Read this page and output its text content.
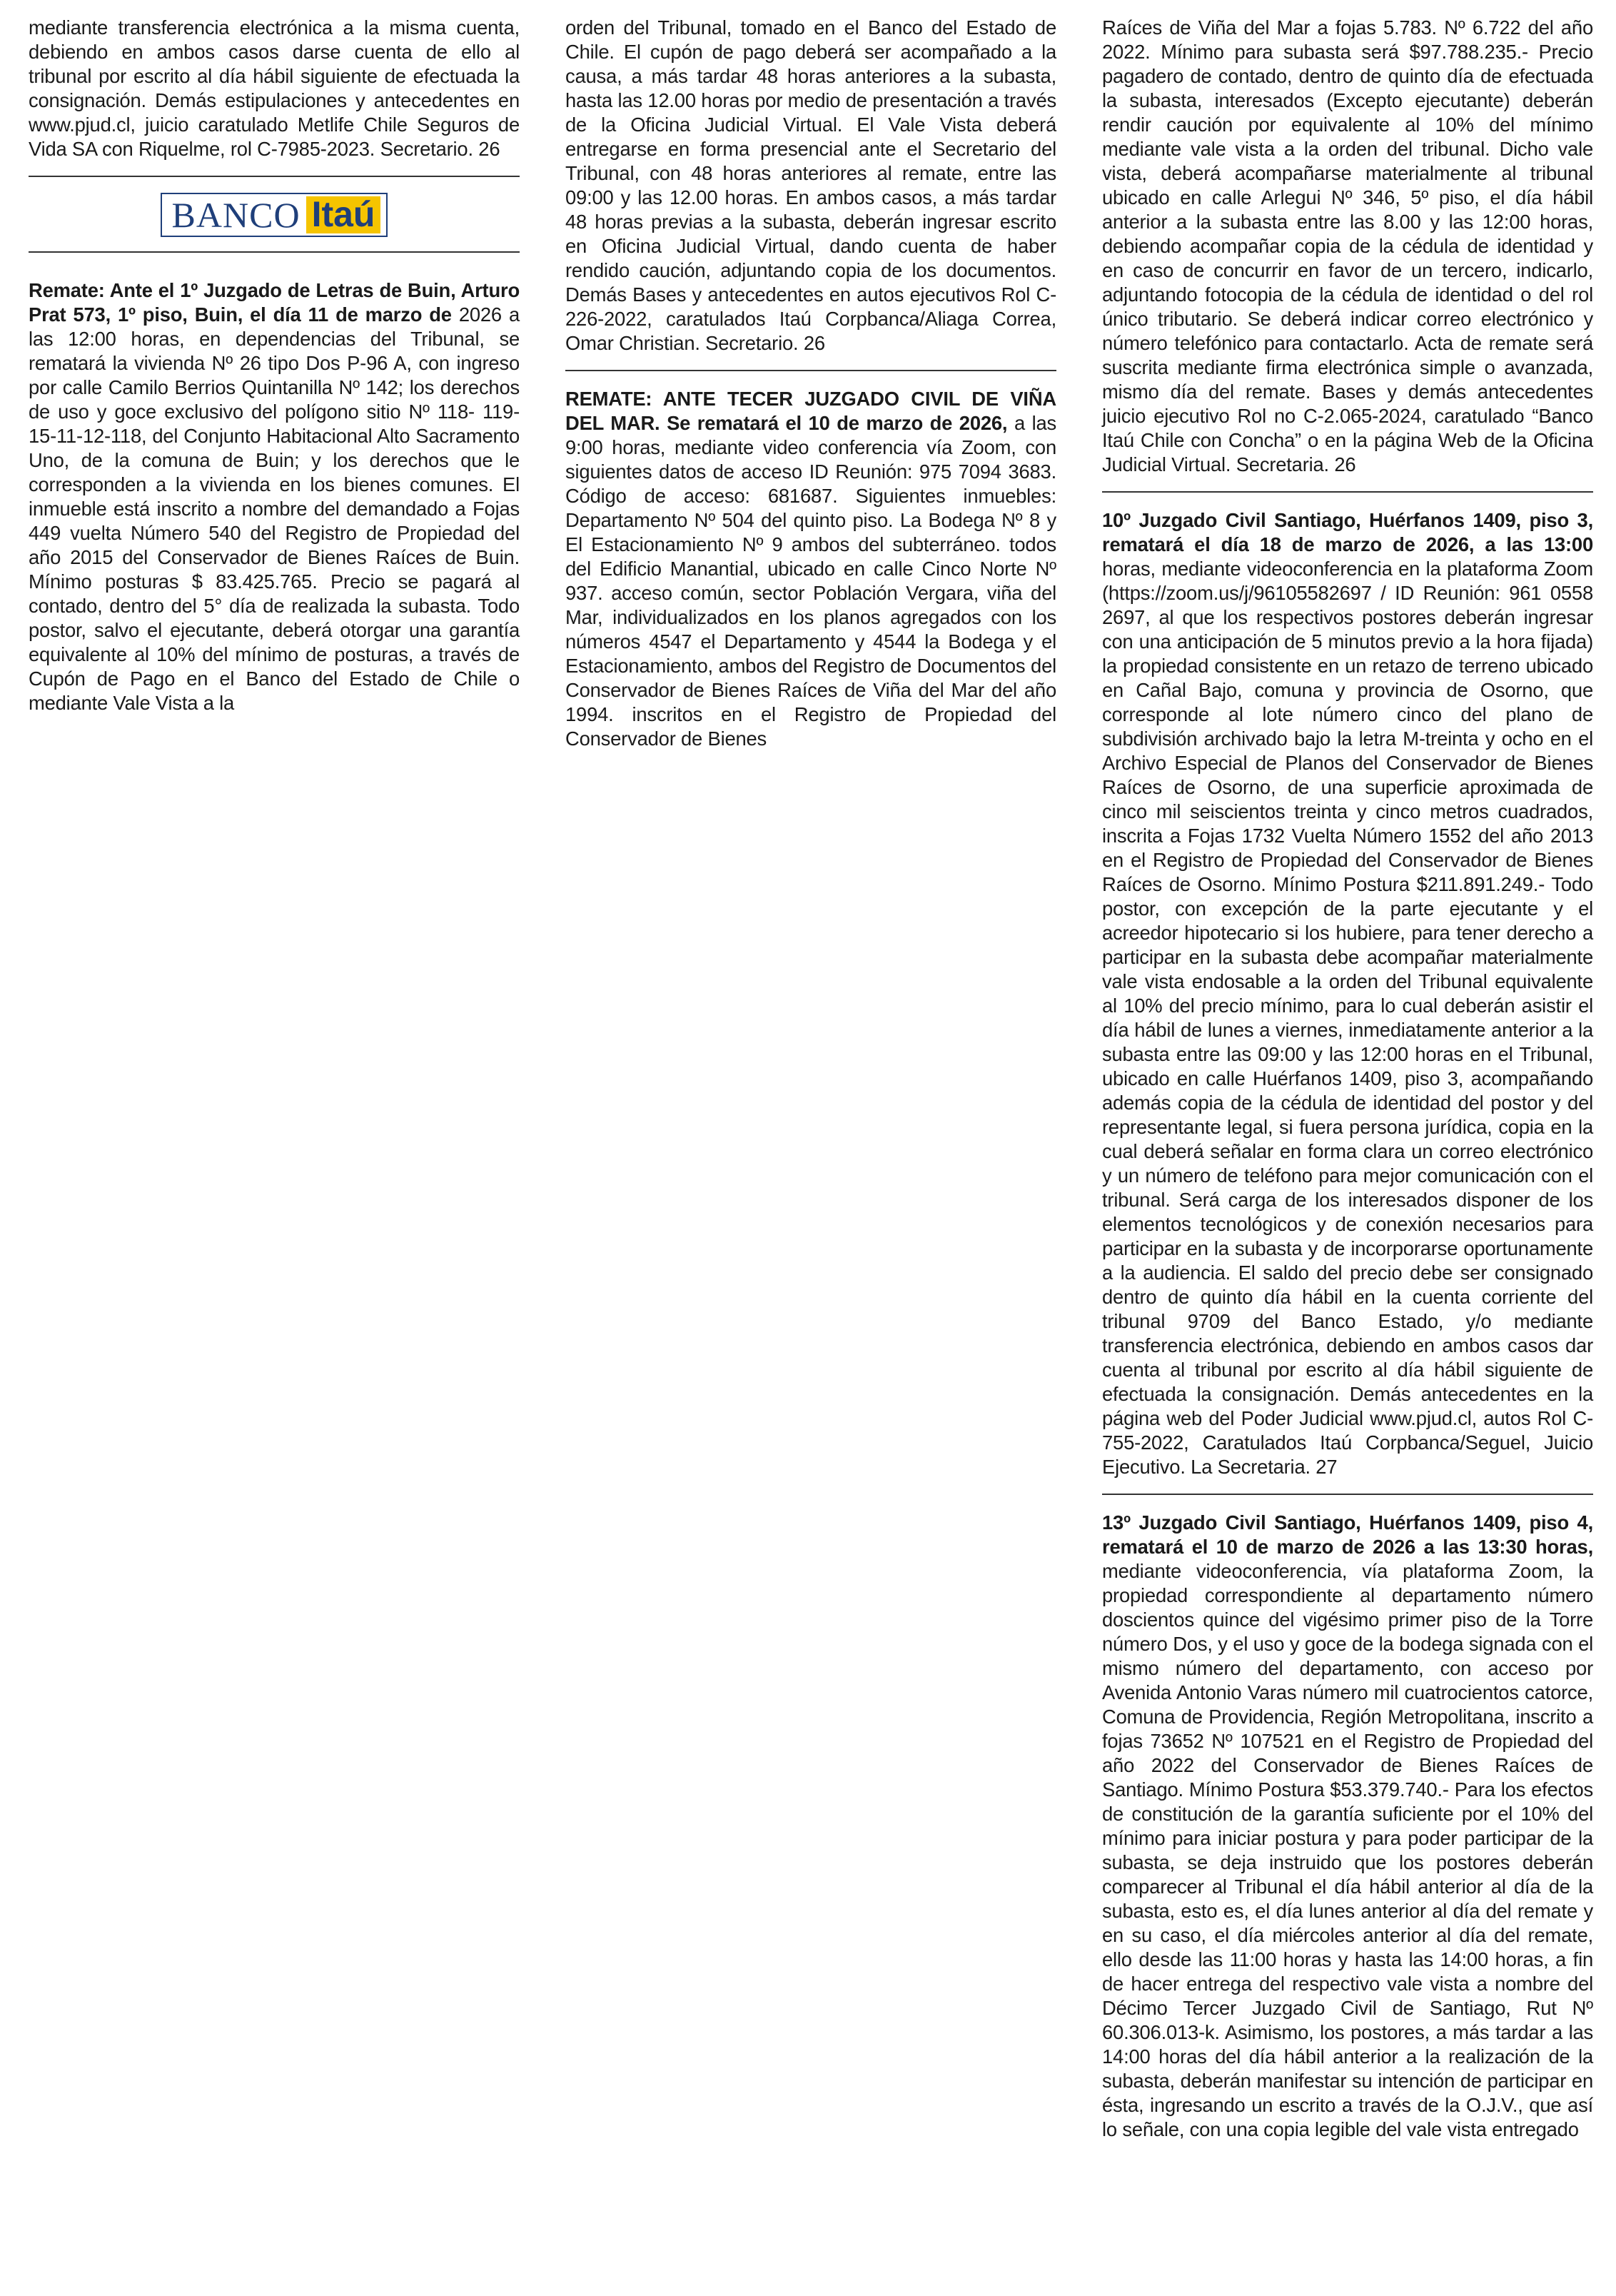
mediante transferencia electrónica a la misma cuenta, debiendo en ambos casos darse cuenta de ello al tribunal por escrito al día hábil siguiente de efectuada la consignación. Demás estipulaciones y antecedentes en www.pjud.cl, juicio caratulado Metlife Chile Seguros de Vida SA con Riquelme, rol C-7985-2023. Secretario. 26

BANCO Itaú

Remate: Ante el 1º Juzgado de Letras de Buin, Arturo Prat 573, 1º piso, Buin, el día 11 de marzo de 2026 a las 12:00 horas, en dependencias del Tribunal, se rematará la vivienda Nº 26 tipo Dos P-96 A, con ingreso por calle Camilo Berrios Quintanilla Nº 142; los derechos de uso y goce exclusivo del polígono sitio Nº 118- 119-15-11-12-118, del Conjunto Habitacional Alto Sacramento Uno, de la comuna de Buin; y los derechos que le corresponden a la vivienda en los bienes comunes. El inmueble está inscrito a nombre del demandado a Fojas 449 vuelta Número 540 del Registro de Propiedad del año 2015 del Conservador de Bienes Raíces de Buin. Mínimo posturas $ 83.425.765. Precio se pagará al contado, dentro del 5° día de realizada la subasta. Todo postor, salvo el ejecutante, deberá otorgar una garantía equivalente al 10% del mínimo de posturas, a través de Cupón de Pago en el Banco del Estado de Chile o mediante Vale Vista a la

orden del Tribunal, tomado en el Banco del Estado de Chile. El cupón de pago deberá ser acompañado a la causa, a más tardar 48 horas anteriores a la subasta, hasta las 12.00 horas por medio de presentación a través de la Oficina Judicial Virtual. El Vale Vista deberá entregarse en forma presencial ante el Secretario del Tribunal, con 48 horas anteriores al remate, entre las 09:00 y las 12.00 horas. En ambos casos, a más tardar 48 horas previas a la subasta, deberán ingresar escrito en Oficina Judicial Virtual, dando cuenta de haber rendido caución, adjuntando copia de los documentos. Demás Bases y antecedentes en autos ejecutivos Rol C-226-2022, caratulados Itaú Corpbanca/Aliaga Correa, Omar Christian. Secretario. 26

REMATE: ANTE TECER JUZGADO CIVIL DE VIÑA DEL MAR. Se rematará el 10 de marzo de 2026, a las 9:00 horas, mediante video conferencia vía Zoom, con siguientes datos de acceso ID Reunión: 975 7094 3683. Código de acceso: 681687. Siguientes inmuebles: Departamento Nº 504 del quinto piso. La Bodega Nº 8 y El Estacionamiento Nº 9 ambos del subterráneo. todos del Edificio Manantial, ubicado en calle Cinco Norte Nº 937. acceso común, sector Población Vergara, viña del Mar, individualizados en los planos agregados con los números 4547 el Departamento y 4544 la Bodega y el Estacionamiento, ambos del Registro de Documentos del Conservador de Bienes Raíces de Viña del Mar del año 1994. inscritos en el Registro de Propiedad del Conservador de Bienes

Raíces de Viña del Mar a fojas 5.783. Nº 6.722 del año 2022. Mínimo para subasta será $97.788.235.- Precio pagadero de contado, dentro de quinto día de efectuada la subasta, interesados (Excepto ejecutante) deberán rendir caución por equivalente al 10% del mínimo mediante vale vista a la orden del tribunal. Dicho vale vista, deberá acompañarse materialmente al tribunal ubicado en calle Arlegui Nº 346, 5º piso, el día hábil anterior a la subasta entre las 8.00 y las 12:00 horas, debiendo acompañar copia de la cédula de identidad y en caso de concurrir en favor de un tercero, indicarlo, adjuntando fotocopia de la cédula de identidad o del rol único tributario. Se deberá indicar correo electrónico y número telefónico para contactarlo. Acta de remate será suscrita mediante firma electrónica simple o avanzada, mismo día del remate. Bases y demás antecedentes juicio ejecutivo Rol no C-2.065-2024, caratulado “Banco Itaú Chile con Concha” o en la página Web de la Oficina Judicial Virtual. Secretaria. 26

10º Juzgado Civil Santiago, Huérfanos 1409, piso 3, rematará el día 18 de marzo de 2026, a las 13:00 horas, mediante videoconferencia en la plataforma Zoom (https://zoom.us/j/96105582697 / ID Reunión: 961 0558 2697, al que los respectivos postores deberán ingresar con una anticipación de 5 minutos previo a la hora fijada) la propiedad consistente en un retazo de terreno ubicado en Cañal Bajo, comuna y provincia de Osorno, que corresponde al lote número cinco del plano de subdivisión archivado bajo la letra M-treinta y ocho en el Archivo Especial de Planos del Conservador de Bienes Raíces de Osorno, de una superficie aproximada de cinco mil seiscientos treinta y cinco metros cuadrados, inscrita a Fojas 1732 Vuelta Número 1552 del año 2013 en el Registro de Propiedad del Conservador de Bienes Raíces de Osorno. Mínimo Postura $211.891.249.- Todo postor, con excepción de la parte ejecutante y el acreedor hipotecario si los hubiere, para tener derecho a participar en la subasta debe acompañar materialmente vale vista endosable a la orden del Tribunal equivalente al 10% del precio mínimo, para lo cual deberán asistir el día hábil de lunes a viernes, inmediatamente anterior a la subasta entre las 09:00 y las 12:00 horas en el Tribunal, ubicado en calle Huérfanos 1409, piso 3, acompañando además copia de la cédula de identidad del postor y del representante legal, si fuera persona jurídica, copia en la cual deberá señalar en forma clara un correo electrónico y un número de teléfono para mejor comunicación con el tribunal. Será carga de los interesados disponer de los elementos tecnológicos y de conexión necesarios para participar en la subasta y de incorporarse oportunamente a la audiencia. El saldo del precio debe ser consignado dentro de quinto día hábil en la cuenta corriente del tribunal 9709 del Banco Estado, y/o mediante transferencia electrónica, debiendo en ambos casos dar cuenta al tribunal por escrito al día hábil siguiente de efectuada la consignación. Demás antecedentes en la página web del Poder Judicial www.pjud.cl, autos Rol C-755-2022, Caratulados Itaú Corpbanca/Seguel, Juicio Ejecutivo. La Secretaria. 27

13º Juzgado Civil Santiago, Huérfanos 1409, piso 4, rematará el 10 de marzo de 2026 a las 13:30 horas, mediante videoconferencia, vía plataforma Zoom, la propiedad correspondiente al departamento número doscientos quince del vigésimo primer piso de la Torre número Dos, y el uso y goce de la bodega signada con el mismo número del departamento, con acceso por Avenida Antonio Varas número mil cuatrocientos catorce, Comuna de Providencia, Región Metropolitana, inscrito a fojas 73652 Nº 107521 en el Registro de Propiedad del año 2022 del Conservador de Bienes Raíces de Santiago. Mínimo Postura $53.379.740.- Para los efectos de constitución de la garantía suficiente por el 10% del mínimo para iniciar postura y para poder participar de la subasta, se deja instruido que los postores deberán comparecer al Tribunal el día hábil anterior al día de la subasta, esto es, el día lunes anterior al día del remate y en su caso, el día miércoles anterior al día del remate, ello desde las 11:00 horas y hasta las 14:00 horas, a fin de hacer entrega del respectivo vale vista a nombre del Décimo Tercer Juzgado Civil de Santiago, Rut Nº 60.306.013-k. Asimismo, los postores, a más tardar a las 14:00 horas del día hábil anterior a la realización de la subasta, deberán manifestar su intención de participar en ésta, ingresando un escrito a través de la O.J.V., que así lo señale, con una copia legible del vale vista entregado
